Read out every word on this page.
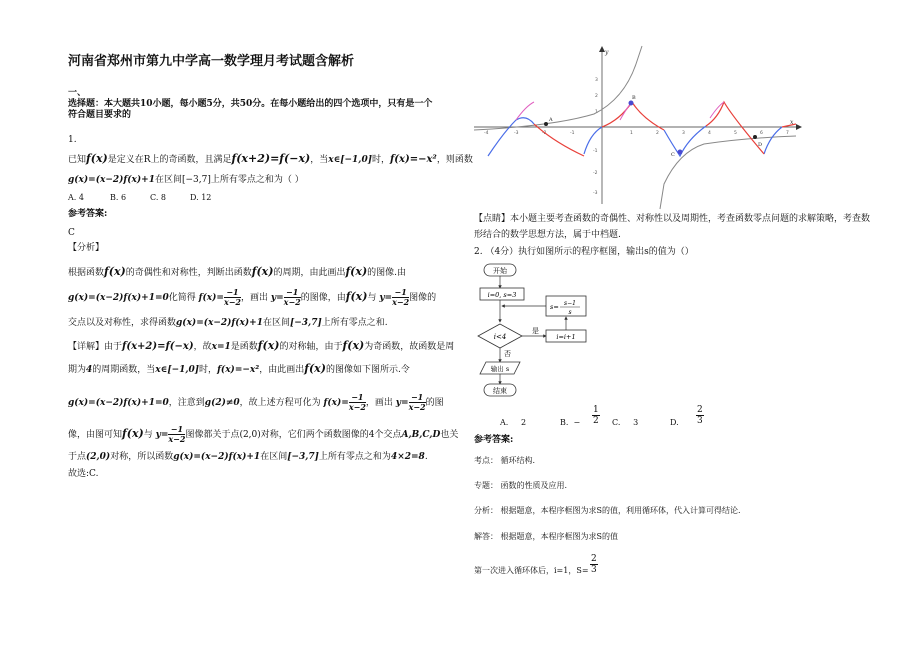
河南省郑州市第九中学高一数学理月考试题含解析
一、
选择题：本大题共10小题，每小题5分，共50分。在每小题给出的四个选项中，只有是一个
符合题目要求的
1.
已知f(x)是定义在R上的奇函数，且满足f(x+2)=f(−x)，当x∈[−1,0]时，f(x)=−x²，则函数
g(x)=(x−2)f(x)+1在区间[−3,7]上所有零点之和为（ ）
A. 4	B. 6	C. 8	D. 12
参考答案:
C
【分析】
根据函数f(x)的奇偶性和对称性，判断出函数f(x)的周期，由此画出f(x)的图像.由
g(x)=(x−2)f(x)+1=0化简得 $f(x)= \frac{-1}{x-2}$ ，画出 $y= \frac{-1}{x-2}$ 的图像，由f(x)与 $y= \frac{-1}{x-2}$ 图像的
交点以及对称性，求得函数g(x)=(x−2)f(x)+1在区间[−3,7]上所有零点之和.
【详解】由于f(x+2)=f(−x)，故x=1是函数f(x)的对称轴，由于f(x)为奇函数，故函数是周
期为4的周期函数，当x∈[−1,0]时，f(x)=−x²，由此画出f(x)的图像如下图所示.令
g(x)=(x−2)f(x)+1=0，注意到g(2)≠0，故上述方程可化为 $f(x)= \frac{-1}{x-2}$ ，画出 $y= \frac{-1}{x-2}$ 的图
像，由图可知f(x)与 $y= \frac{-1}{x-2}$ 图像都关于点(2,0)对称，它们两个函数图像的4个交点A,B,C,D也关
于点(2,0)对称，所以函数g(x)=(x−2)f(x)+1在区间[−3,7]上所有零点之和为4×2=8.
故选:C.
x
y
-4	-3	-2	-1	1	2	3	4	5	6	7
3
2
1
-1
-2
-3
A
B
C
D
【点睛】本小题主要考查函数的奇偶性、对称性以及周期性，考查函数零点问题的求解策略，考查数
形结合的数学思想方法，属于中档题.
2. （4分）执行如图所示的程序框图，输出s的值为（）
开始
i=0, s=3
s= s−1
s
i<4
是
i=i+1
否
输出 s
结束
A. 2	B. −
1
2 C. 3	D.
2
3
参考答案:
考点： 循环结构.
专题： 函数的性质及应用.
分析： 根据题意，本程序框图为求S的值，利用循环体，代入计算可得结论.
解答： 根据题意，本程序框图为求S的值
第一次进入循环体后，i=1，S=
2
3
